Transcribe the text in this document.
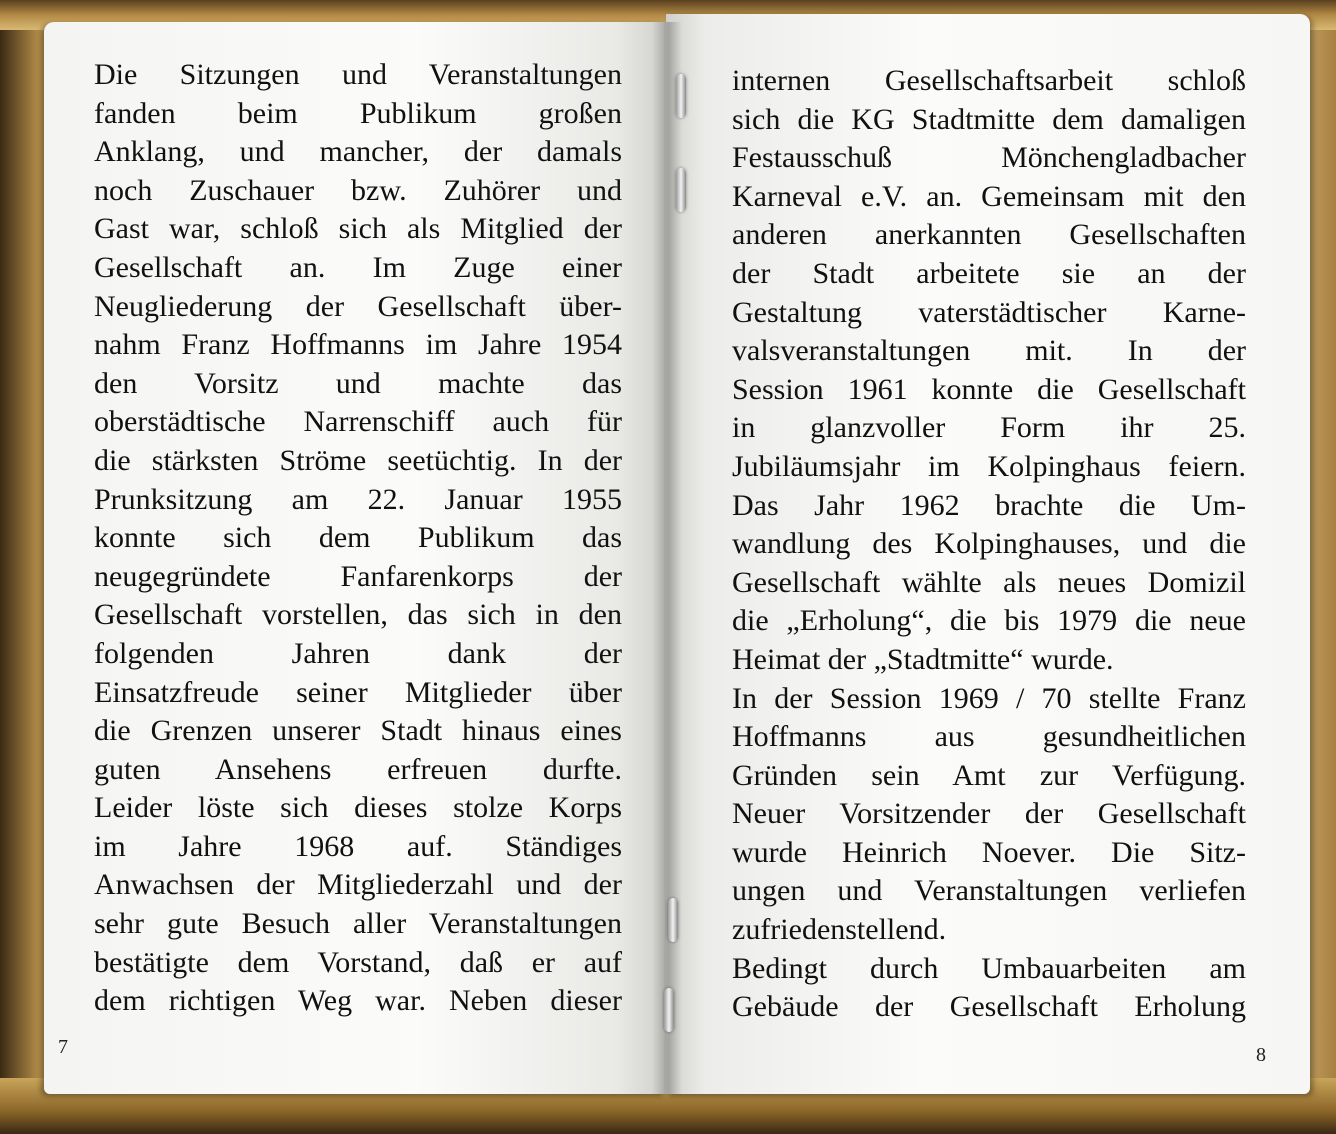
Die Sitzungen und Veranstaltungen
fanden beim Publikum großen
Anklang, und mancher, der damals
noch Zuschauer bzw. Zuhörer und
Gast war, schloß sich als Mitglied der
Gesellschaft an. Im Zuge einer
Neugliederung der Gesellschaft über-
nahm Franz Hoffmanns im Jahre 1954
den Vorsitz und machte das
oberstädtische Narrenschiff auch für
die stärksten Ströme seetüchtig. In der
Prunksitzung am 22. Januar 1955
konnte sich dem Publikum das
neugegründete Fanfarenkorps der
Gesellschaft vorstellen, das sich in den
folgenden Jahren dank der
Einsatzfreude seiner Mitglieder über
die Grenzen unserer Stadt hinaus eines
guten Ansehens erfreuen durfte.
Leider löste sich dieses stolze Korps
im Jahre 1968 auf. Ständiges
Anwachsen der Mitgliederzahl und der
sehr gute Besuch aller Veranstaltungen
bestätigte dem Vorstand, daß er auf
dem richtigen Weg war. Neben dieser
7
internen Gesellschaftsarbeit schloß
sich die KG Stadtmitte dem damaligen
Festausschuß Mönchengladbacher
Karneval e.V. an. Gemeinsam mit den
anderen anerkannten Gesellschaften
der Stadt arbeitete sie an der
Gestaltung vaterstädtischer Karne-
valsveranstaltungen mit. In der
Session 1961 konnte die Gesellschaft
in glanzvoller Form ihr 25.
Jubiläumsjahr im Kolpinghaus feiern.
Das Jahr 1962 brachte die Um-
wandlung des Kolpinghauses, und die
Gesellschaft wählte als neues Domizil
die „Erholung“, die bis 1979 die neue
Heimat der „Stadtmitte“ wurde.
In der Session 1969 / 70 stellte Franz
Hoffmanns aus gesundheitlichen
Gründen sein Amt zur Verfügung.
Neuer Vorsitzender der Gesellschaft
wurde Heinrich Noever. Die Sitz-
ungen und Veranstaltungen verliefen
zufriedenstellend.
Bedingt durch Umbauarbeiten am
Gebäude der Gesellschaft Erholung
8
